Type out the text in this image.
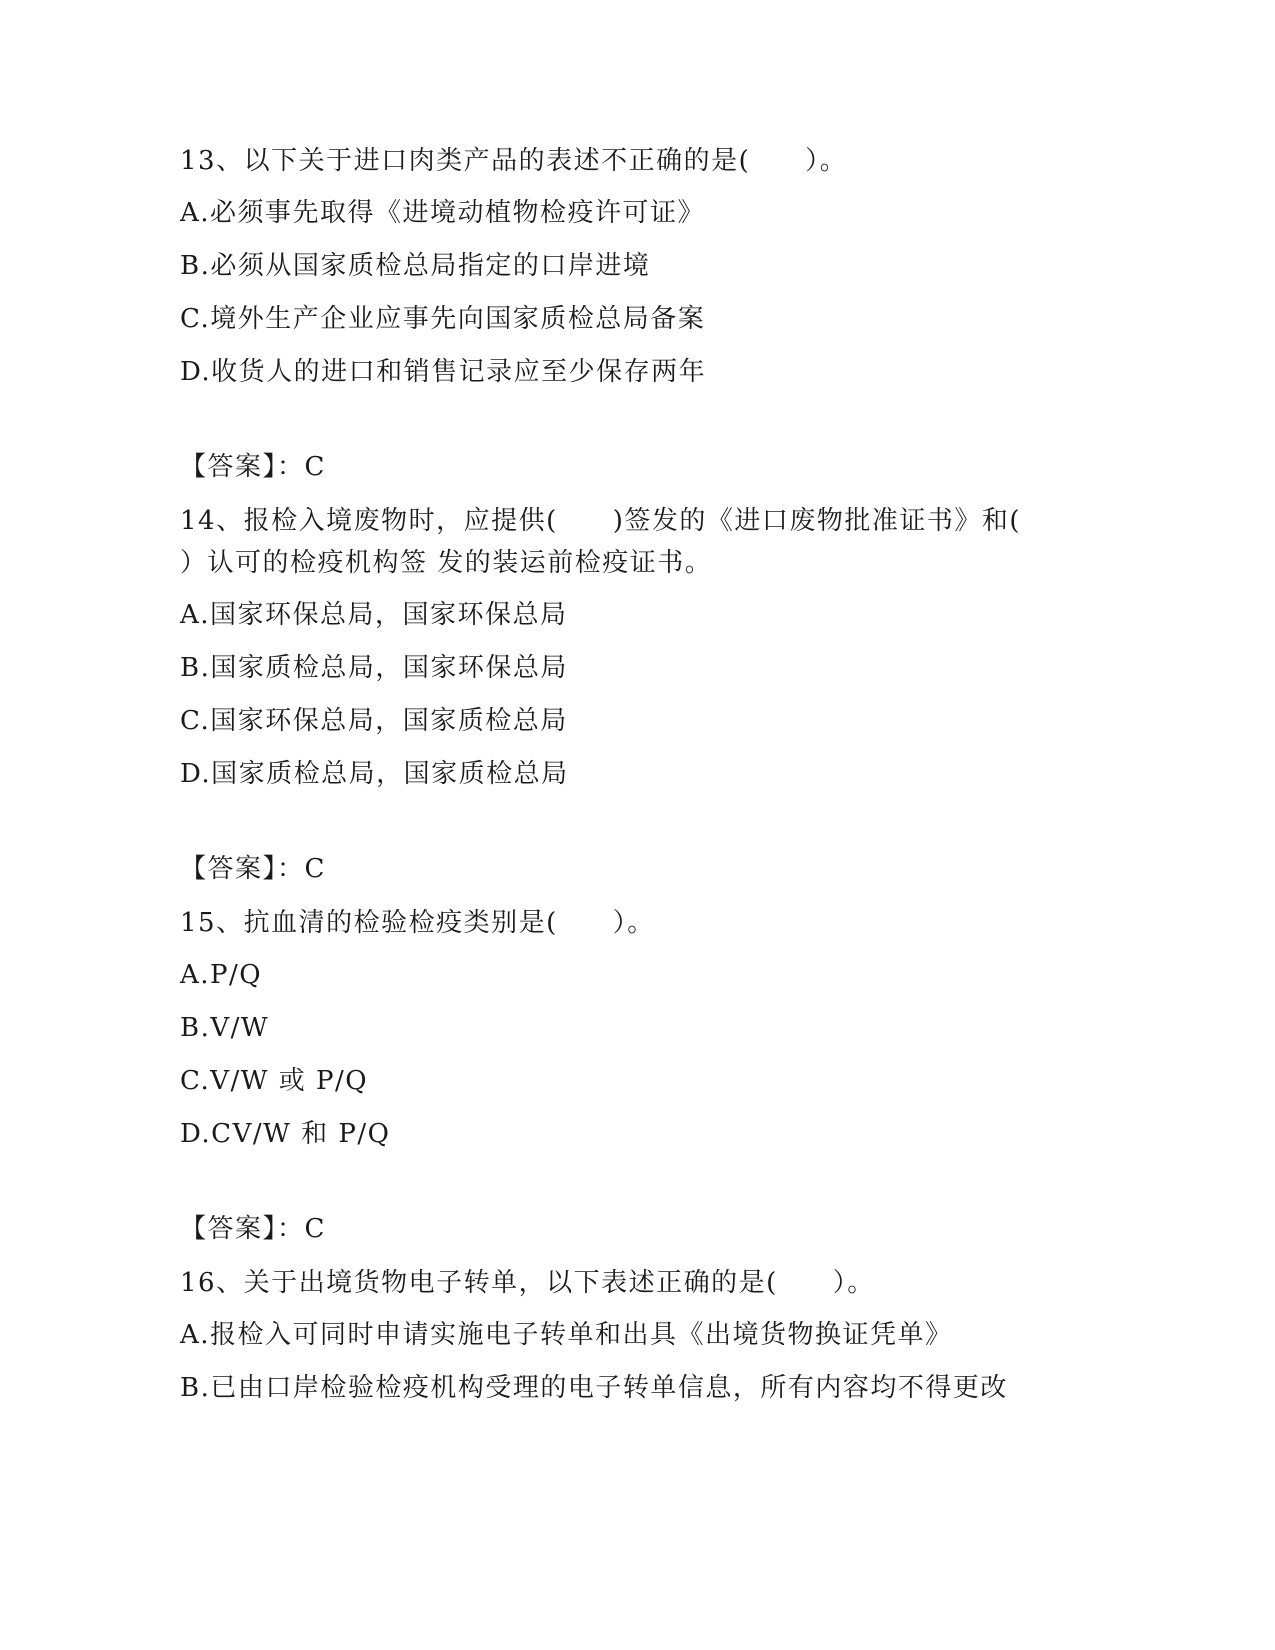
13、以下关于进口肉类产品的表述不正确的是(　　）。
A.必须事先取得《进境动植物检疫许可证》
B.必须从国家质检总局指定的口岸进境
C.境外生产企业应事先向国家质检总局备案
D.收货人的进口和销售记录应至少保存两年
【答案】：C
14、报检入境废物时，应提供(　　)签发的《进口废物批准证书》和(
）认可的检疫机构签 发的装运前检疫证书。
A.国家环保总局，国家环保总局
B.国家质检总局，国家环保总局
C.国家环保总局，国家质检总局
D.国家质检总局，国家质检总局
【答案】：C
15、抗血清的检验检疫类别是(　　）。
A.P/Q
B.V/W
C.V/W 或 P/Q
D.CV/W 和 P/Q
【答案】：C
16、关于出境货物电子转单，以下表述正确的是(　　）。
A.报检入可同时申请实施电子转单和出具《出境货物换证凭单》
B.已由口岸检验检疫机构受理的电子转单信息，所有内容均不得更改
